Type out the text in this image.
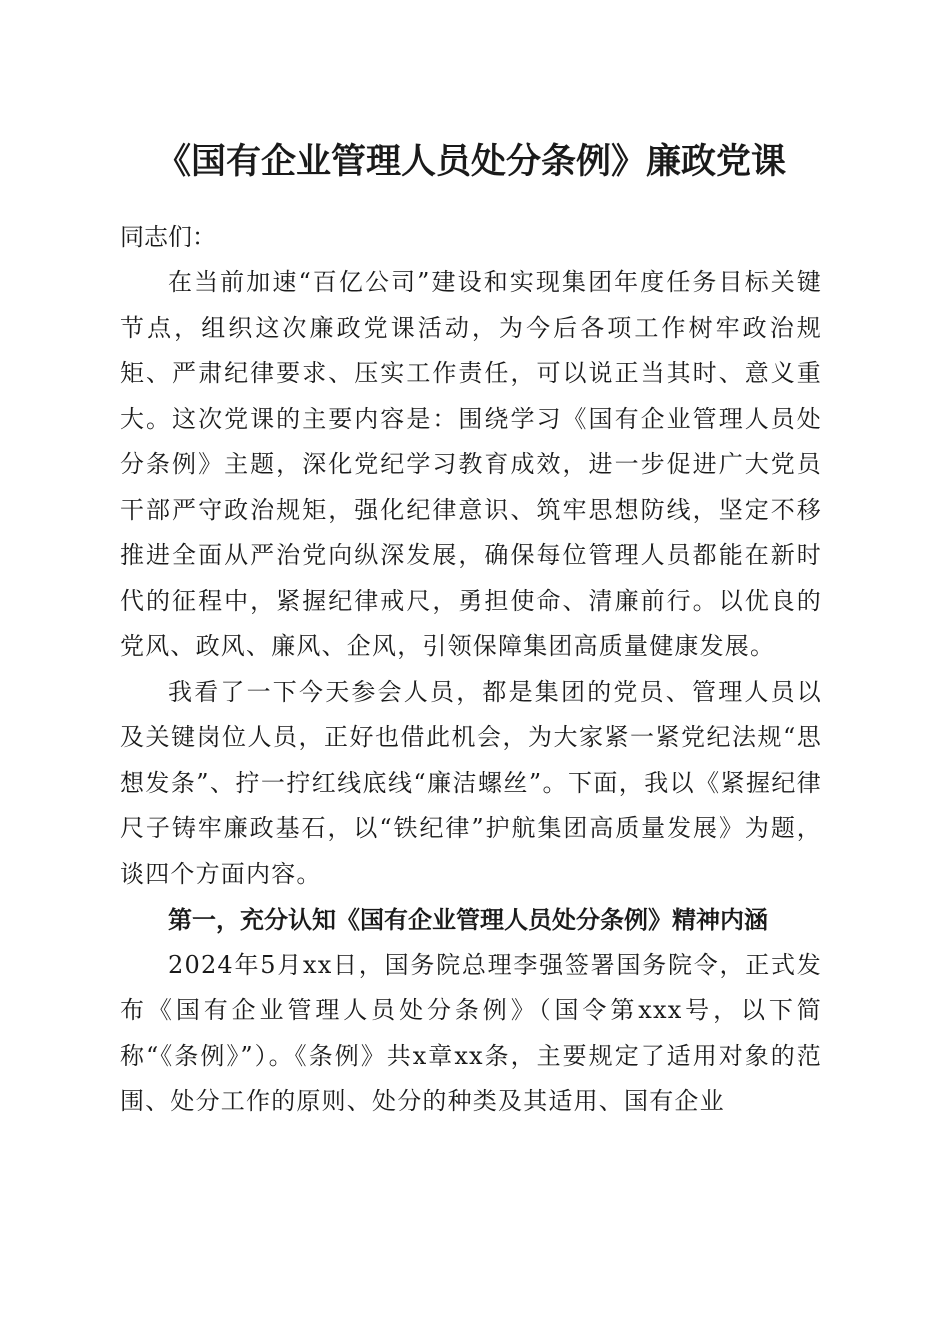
《国有企业管理人员处分条例》廉政党课

同志们：

在当前加速“百亿公司”建设和实现集团年度任务目标关键节点，组织这次廉政党课活动，为今后各项工作树牢政治规矩、严肃纪律要求、压实工作责任，可以说正当其时、意义重大。这次党课的主要内容是：围绕学习《国有企业管理人员处分条例》主题，深化党纪学习教育成效，进一步促进广大党员干部严守政治规矩，强化纪律意识、筑牢思想防线，坚定不移推进全面从严治党向纵深发展，确保每位管理人员都能在新时代的征程中，紧握纪律戒尺，勇担使命、清廉前行。以优良的党风、政风、廉风、企风，引领保障集团高质量健康发展。

我看了一下今天参会人员，都是集团的党员、管理人员以及关键岗位人员，正好也借此机会，为大家紧一紧党纪法规“思想发条”、拧一拧红线底线“廉洁螺丝”。下面，我以《紧握纪律尺子铸牢廉政基石，以“铁纪律”护航集团高质量发展》为题，谈四个方面内容。

第一，充分认知《国有企业管理人员处分条例》精神内涵

2024年5月xx日，国务院总理李强签署国务院令，正式发布《国有企业管理人员处分条例》（国令第xxx号，以下简称“《条例》”）。《条例》共x章xx条，主要规定了适用对象的范围、处分工作的原则、处分的种类及其适用、国有企业
